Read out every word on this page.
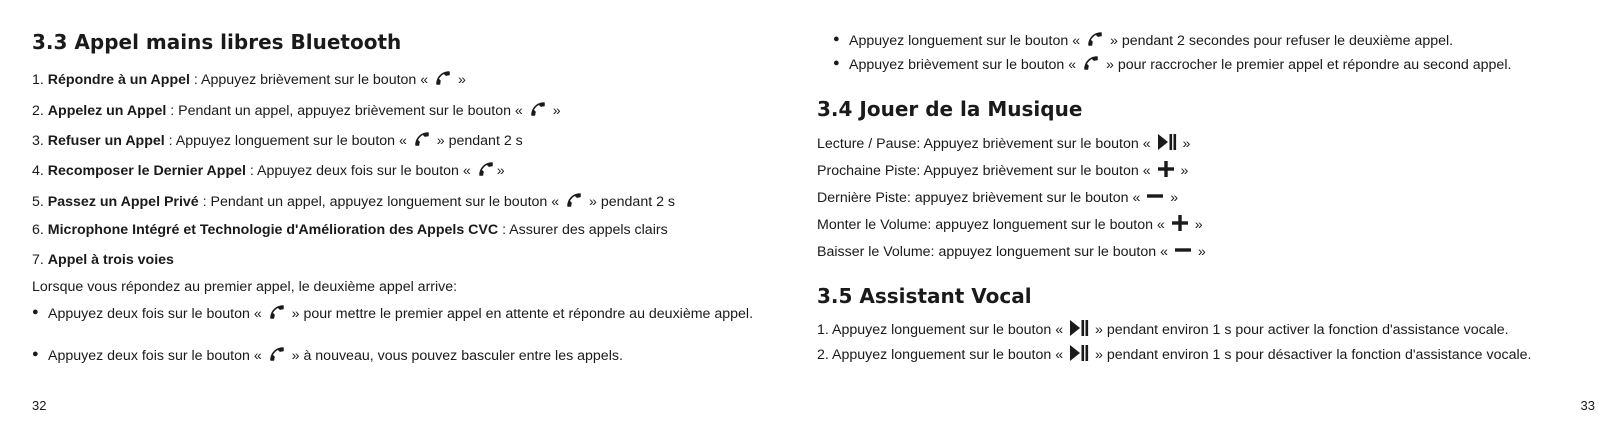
3.3 Appel mains libres Bluetooth
1. Répondre à un Appel : Appuyez brièvement sur le bouton «  »
2. Appelez un Appel : Pendant un appel, appuyez brièvement sur le bouton «  »
3. Refuser un Appel : Appuyez longuement sur le bouton «  » pendant 2 s
4. Recomposer le Dernier Appel : Appuyez deux fois sur le bouton « »
5. Passez un Appel Privé : Pendant un appel, appuyez longuement sur le bouton «  » pendant 2 s
6. Microphone Intégré et Technologie d'Amélioration des Appels CVC : Assurer des appels clairs
7. Appel à trois voies
Lorsque vous répondez au premier appel, le deuxième appel arrive:
● Appuyez deux fois sur le bouton «  » pour mettre le premier appel en attente et répondre au deuxième appel.
● Appuyez deux fois sur le bouton «  » à nouveau, vous pouvez basculer entre les appels.
32
● Appuyez longuement sur le bouton «  » pendant 2 secondes pour refuser le deuxième appel.
● Appuyez brièvement sur le bouton «  » pour raccrocher le premier appel et répondre au second appel.
3.4 Jouer de la Musique
Lecture / Pause: Appuyez brièvement sur le bouton «  »
Prochaine Piste: Appuyez brièvement sur le bouton «  »
Dernière Piste: appuyez brièvement sur le bouton «  »
Monter le Volume: appuyez longuement sur le bouton «  »
Baisser le Volume: appuyez longuement sur le bouton «  »
3.5 Assistant Vocal
1. Appuyez longuement sur le bouton «  » pendant environ 1 s pour activer la fonction d'assistance vocale.
2. Appuyez longuement sur le bouton «  » pendant environ 1 s pour désactiver la fonction d'assistance vocale.
33
